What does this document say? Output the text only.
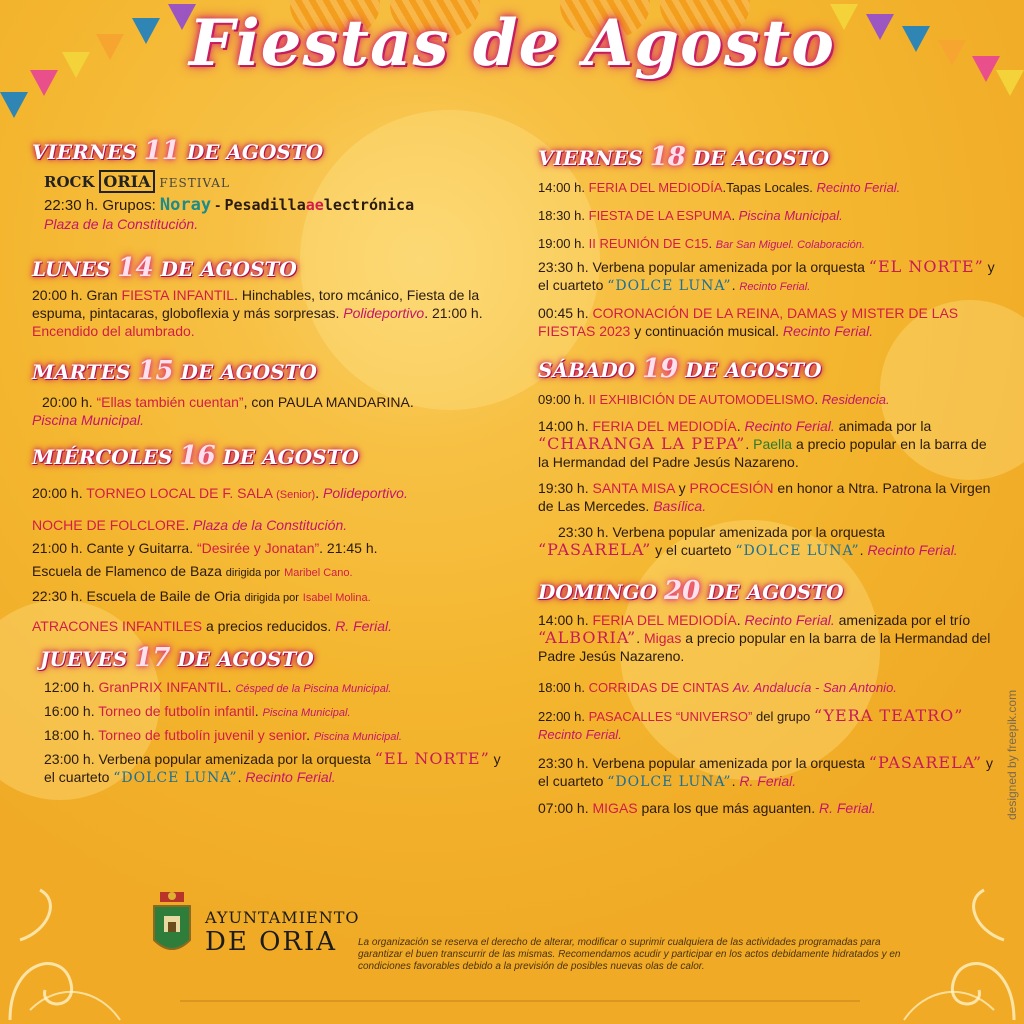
Fiestas de Agosto

VIERNES 11 DE AGOSTO

ROCK ORIA FESTIVAL

22:30 h. Grupos: Noray - Pesadillaaelectrónica

Plaza de la Constitución.

LUNES 14 DE AGOSTO

20:00 h. Gran FIESTA INFANTIL. Hinchables, toro mcánico, Fiesta de la espuma, pintacaras, globoflexia y más sorpresas. Polideportivo. 21:00 h. Encendido del alumbrado.

MARTES 15 DE AGOSTO

20:00 h. “Ellas también cuentan”, con PAULA MANDARINA.

Piscina Municipal.

MIÉRCOLES 16 DE AGOSTO

20:00 h. TORNEO LOCAL DE F. SALA (Senior). Polideportivo.

NOCHE DE FOLCLORE. Plaza de la Constitución.

21:00 h. Cante y Guitarra. “Desirée y Jonatan”. 21:45 h.

Escuela de Flamenco de Baza dirigida por Maribel Cano.

22:30 h. Escuela de Baile de Oria dirigida por Isabel Molina.

ATRACONES INFANTILES a precios reducidos. R. Ferial.

JUEVES 17 DE AGOSTO

12:00 h. GranPRIX INFANTIL. Césped de la Piscina Municipal.

16:00 h. Torneo de futbolín infantil. Piscina Municipal.

18:00 h. Torneo de futbolín juvenil y senior. Piscina Municipal.

23:00 h. Verbena popular amenizada por la orquesta “EL NORTE” y el cuarteto “DOLCE LUNA”. Recinto Ferial.

VIERNES 18 DE AGOSTO

14:00 h. FERIA DEL MEDIODÍA.Tapas Locales. Recinto Ferial.

18:30 h. FIESTA DE LA ESPUMA. Piscina Municipal.

19:00 h. II REUNIÓN DE C15. Bar San Miguel. Colaboración.

23:30 h. Verbena popular amenizada por la orquesta “EL NORTE” y el cuarteto “DOLCE LUNA”. Recinto Ferial.

00:45 h. CORONACIÓN DE LA REINA, DAMAS y MISTER DE LAS FIESTAS 2023 y continuación musical. Recinto Ferial.

SÁBADO 19 DE AGOSTO

09:00 h. II EXHIBICIÓN DE AUTOMODELISMO. Residencia.

14:00 h. FERIA DEL MEDIODÍA. Recinto Ferial. animada por la “CHARANGA LA PEPA”. Paella a precio popular en la barra de la Hermandad del Padre Jesús Nazareno.

19:30 h. SANTA MISA y PROCESIÓN en honor a Ntra. Patrona la Virgen de Las Mercedes. Basílica.

23:30 h. Verbena popular amenizada por la orquesta “PASARELA” y el cuarteto “DOLCE LUNA”. Recinto Ferial.

DOMINGO 20 DE AGOSTO

14:00 h. FERIA DEL MEDIODÍA. Recinto Ferial. amenizada por el trío “ALBORIA”. Migas a precio popular en la barra de la Hermandad del Padre Jesús Nazareno.

18:00 h. CORRIDAS DE CINTAS Av. Andalucía - San Antonio.

22:00 h. PASACALLES “UNIVERSO” del grupo “YERA TEATRO” Recinto Ferial.

23:30 h. Verbena popular amenizada por la orquesta “PASARELA” y el cuarteto “DOLCE LUNA”. R. Ferial.

07:00 h. MIGAS para los que más aguanten. R. Ferial.

AYUNTAMIENTO
DE ORIA	La organización se reserva el derecho de alterar, modificar o suprimir cualquiera de las actividades programadas para garantizar el buen transcurrir de las mismas. Recomendamos acudir y participar en los actos debidamente hidratados y en condiciones favorables debido a la previsión de posibles nuevas olas de calor.
designed by freepik.com
